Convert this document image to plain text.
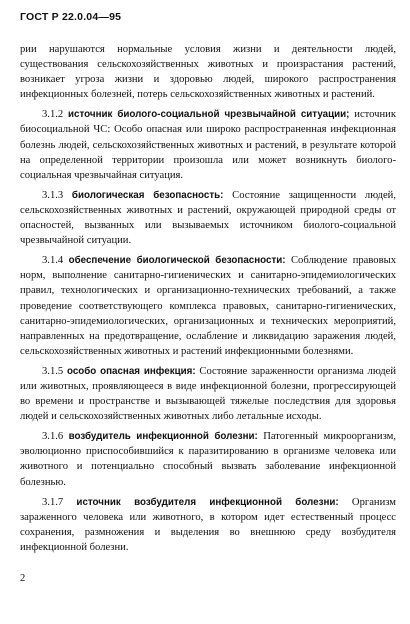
ГОСТ Р 22.0.04—95

рии нарушаются нормальные условия жизни и деятельности людей, существования сельскохозяйственных животных и произрастания растений, возникает угроза жизни и здоровью людей, широкого распространения инфекционных болезней, потерь сельскохозяйственных животных и растений.

3.1.2 источник биолого-социальной чрезвычайной ситуации; источник биосоциальной ЧС: Особо опасная или широко распространенная инфекционная болезнь людей, сельскохозяйственных животных и растений, в результате которой на определенной территории произошла или может возникнуть биолого-социальная чрезвычайная ситуация.

3.1.3 биологическая безопасность: Состояние защищенности людей, сельскохозяйственных животных и растений, окружающей природной среды от опасностей, вызванных или вызываемых источником биолого-социальной чрезвычайной ситуации.

3.1.4 обеспечение биологической безопасности: Соблюдение правовых норм, выполнение санитарно-гигиенических и санитарно-эпидемиологических правил, технологических и организационно-технических требований, а также проведение соответствующего комплекса правовых, санитарно-гигиенических, санитарно-эпидемиологических, организационных и технических мероприятий, направленных на предотвращение, ослабление и ликвидацию заражения людей, сельскохозяйственных животных и растений инфекционными болезнями.

3.1.5 особо опасная инфекция: Состояние зараженности организма людей или животных, проявляющееся в виде инфекционной болезни, прогрессирующей во времени и пространстве и вызывающей тяжелые последствия для здоровья людей и сельскохозяйственных животных либо летальные исходы.

3.1.6 возбудитель инфекционной болезни: Патогенный микроорганизм, эволюционно приспособившийся к паразитированию в организме человека или животного и потенциально способный вызвать заболевание инфекционной болезнью.

3.1.7 источник возбудителя инфекционной болезни: Организм зараженного человека или животного, в котором идет естественный процесс сохранения, размножения и выделения во внешнюю среду возбудителя инфекционной болезни.

2
